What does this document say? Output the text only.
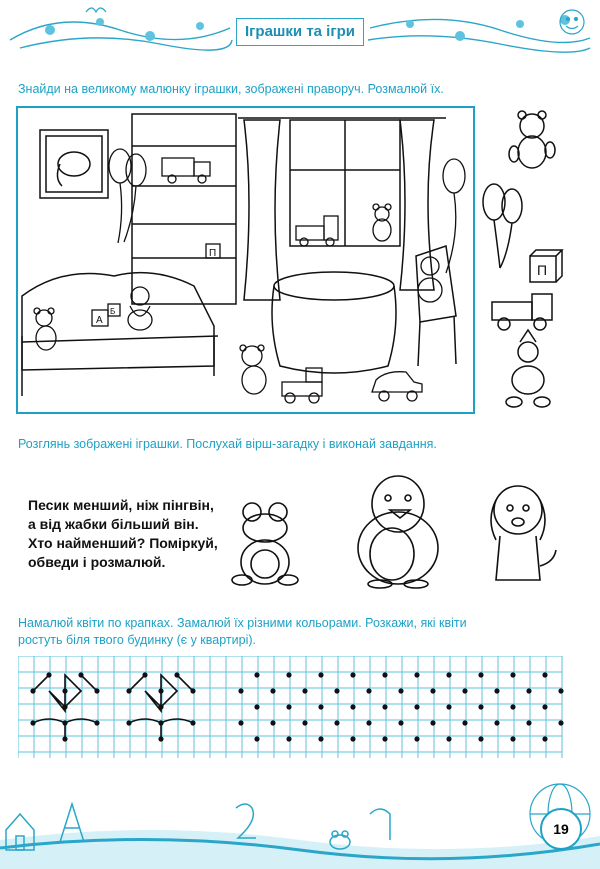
Іграшки та ігри
Знайди на великому малюнку іграшки, зображені праворуч. Розмалюй їх.
П
А
Б
П
Розглянь зображені іграшки. Послухай вірш-загадку і виконай завдання.
Песик менший, ніж пінгвін,
а від жабки більший він.
Хто найменший? Поміркуй,
обведи і розмалюй.
Намалюй квіти по крапках. Замалюй їх різними кольорами. Розкажи, які квіти
ростуть біля твого будинку (є у квартирі).
19
